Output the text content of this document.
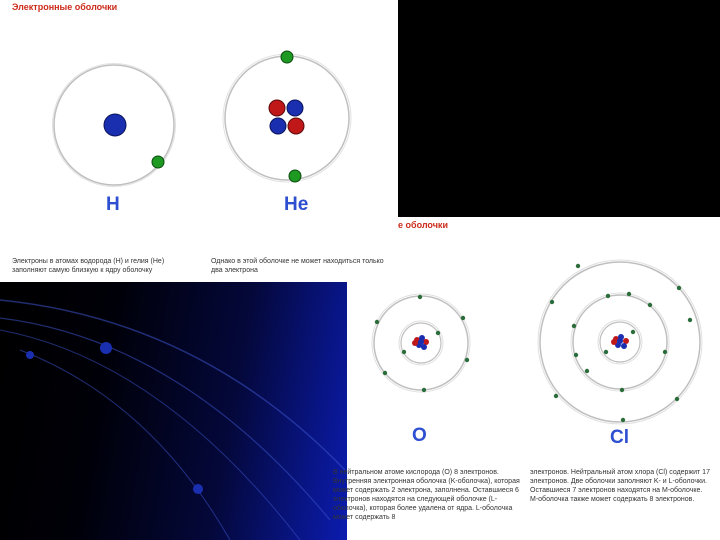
Электронные оболочки
H	He
Электроны в атомах водорода (H) и гелия (He) заполняют самую близкую к ядру оболочку
Однако в этой оболочке не может находиться только два электрона
е оболочки
O	Cl
В нейтральном атоме кислорода (O) 8 электронов. Внутренняя электронная оболочка (K-оболочка), которая может содержать 2 электрона, заполнена. Оставшиеся 6 электронов находятся на следующей оболочке (L-оболочка), которая более удалена от ядра. L-оболочка может содержать 8
электронов. Нейтральный атом хлора (Cl) содержит 17 электронов. Две оболочки заполняют K- и L-оболочки. Оставшиеся 7 электронов находятся на M-оболочке. M-оболочка также может содержать 8 электронов.
